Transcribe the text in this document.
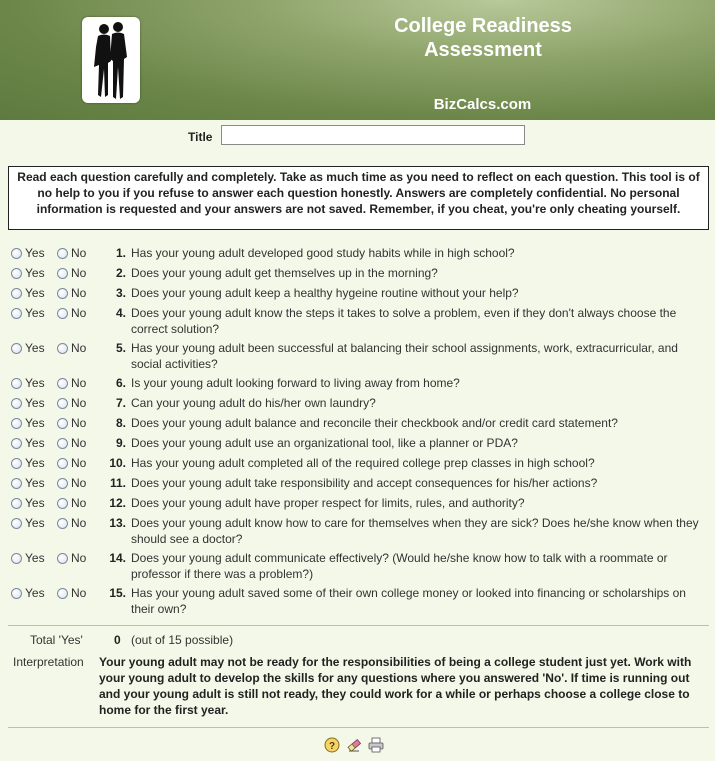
College Readiness
Assessment
BizCalcs.com
Title
Read each question carefully and completely. Take as much time as you need to reflect on each question. This tool is of no help to you if you refuse to answer each question honestly. Answers are completely confidential. No personal information is requested and your answers are not saved. Remember, if you cheat, you're only cheating yourself.
Yes No	1. Has your young adult developed good study habits while in high school?
Yes No	2. Does your young adult get themselves up in the morning?
Yes No	3. Does your young adult keep a healthy hygeine routine without your help?
Yes No	4. Does your young adult know the steps it takes to solve a problem, even if they don't always choose the correct solution?
Yes No	5. Has your young adult been successful at balancing their school assignments, work, extracurricular, and social activities?
Yes No	6. Is your young adult looking forward to living away from home?
Yes No	7. Can your young adult do his/her own laundry?
Yes No	8. Does your young adult balance and reconcile their checkbook and/or credit card statement?
Yes No	9. Does your young adult use an organizational tool, like a planner or PDA?
Yes No	10. Has your young adult completed all of the required college prep classes in high school?
Yes No	11. Does your young adult take responsibility and accept consequences for his/her actions?
Yes No	12. Does your young adult have proper respect for limits, rules, and authority?
Yes No	13. Does your young adult know how to care for themselves when they are sick? Does he/she know when they should see a doctor?
Yes No	14. Does your young adult communicate effectively? (Would he/she know how to talk with a roommate or professor if there was a problem?)
Yes No	15. Has your young adult saved some of their own college money or looked into financing or scholarships on their own?
Total 'Yes'	0 (out of 15 possible)
Interpretation Your young adult may not be ready for the responsibilities of being a college student just yet. Work with your young adult to develop the skills for any questions where you answered 'No'. If time is running out and your young adult is still not ready, they could work for a while or perhaps choose a college close to home for the first year.
?
